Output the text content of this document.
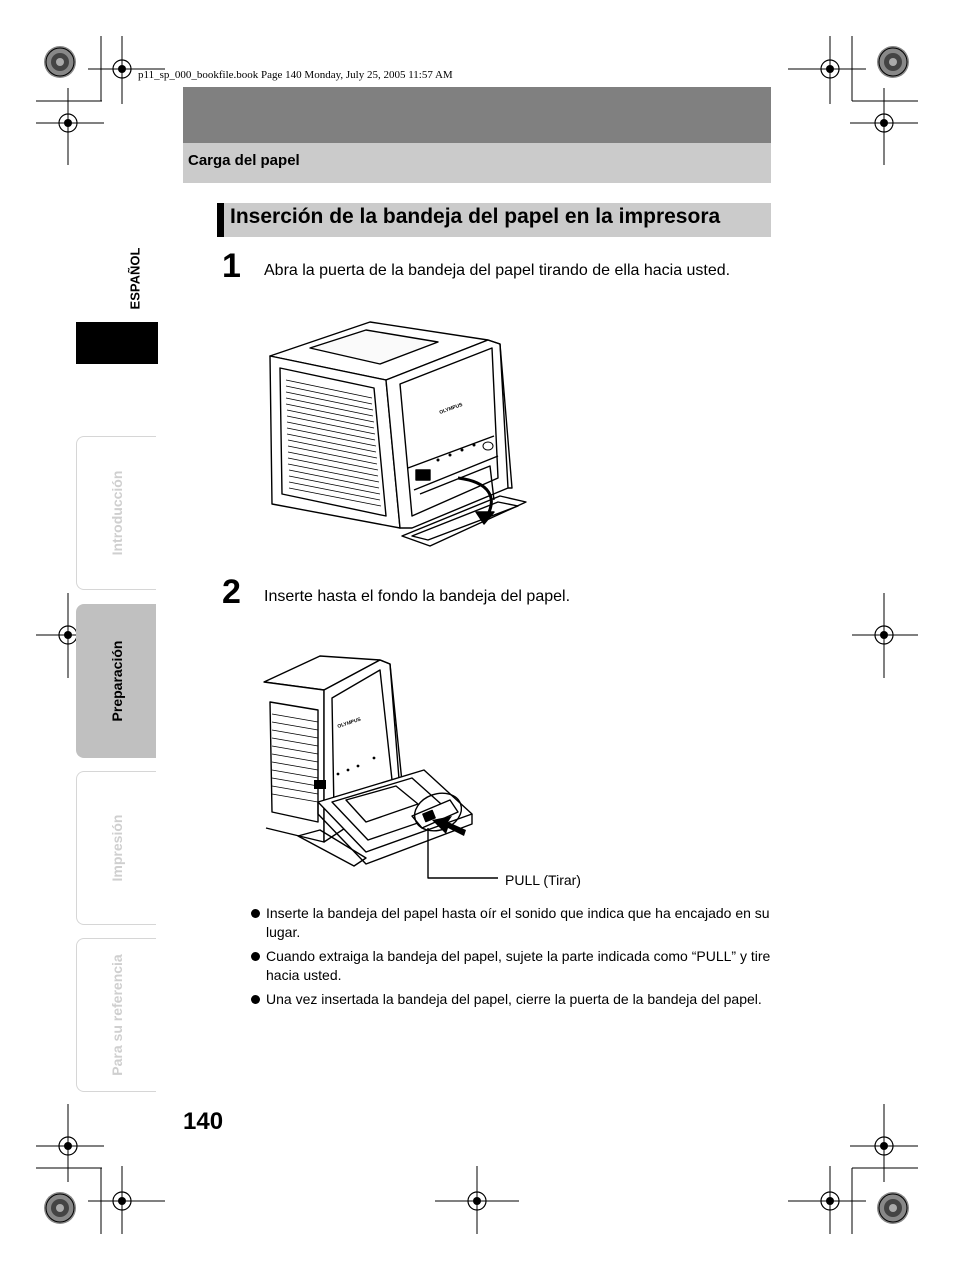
p11_sp_000_bookfile.book Page 140 Monday, July 25, 2005 11:57 AM
Carga del papel
Inserción de la bandeja del papel en la impresora
ESPAÑOL
Introducción
Preparación
Impresión
Para su referencia
1 Abra la puerta de la bandeja del papel tirando de ella hacia usted.
OLYMPUS
2 Inserte hasta el fondo la bandeja del papel.
OLYMPUS
PULL (Tirar)
Inserte la bandeja del papel hasta oír el sonido que indica que ha encajado en su lugar.
Cuando extraiga la bandeja del papel, sujete la parte indicada como “PULL” y tire hacia usted.
Una vez insertada la bandeja del papel, cierre la puerta de la bandeja del papel.
140
